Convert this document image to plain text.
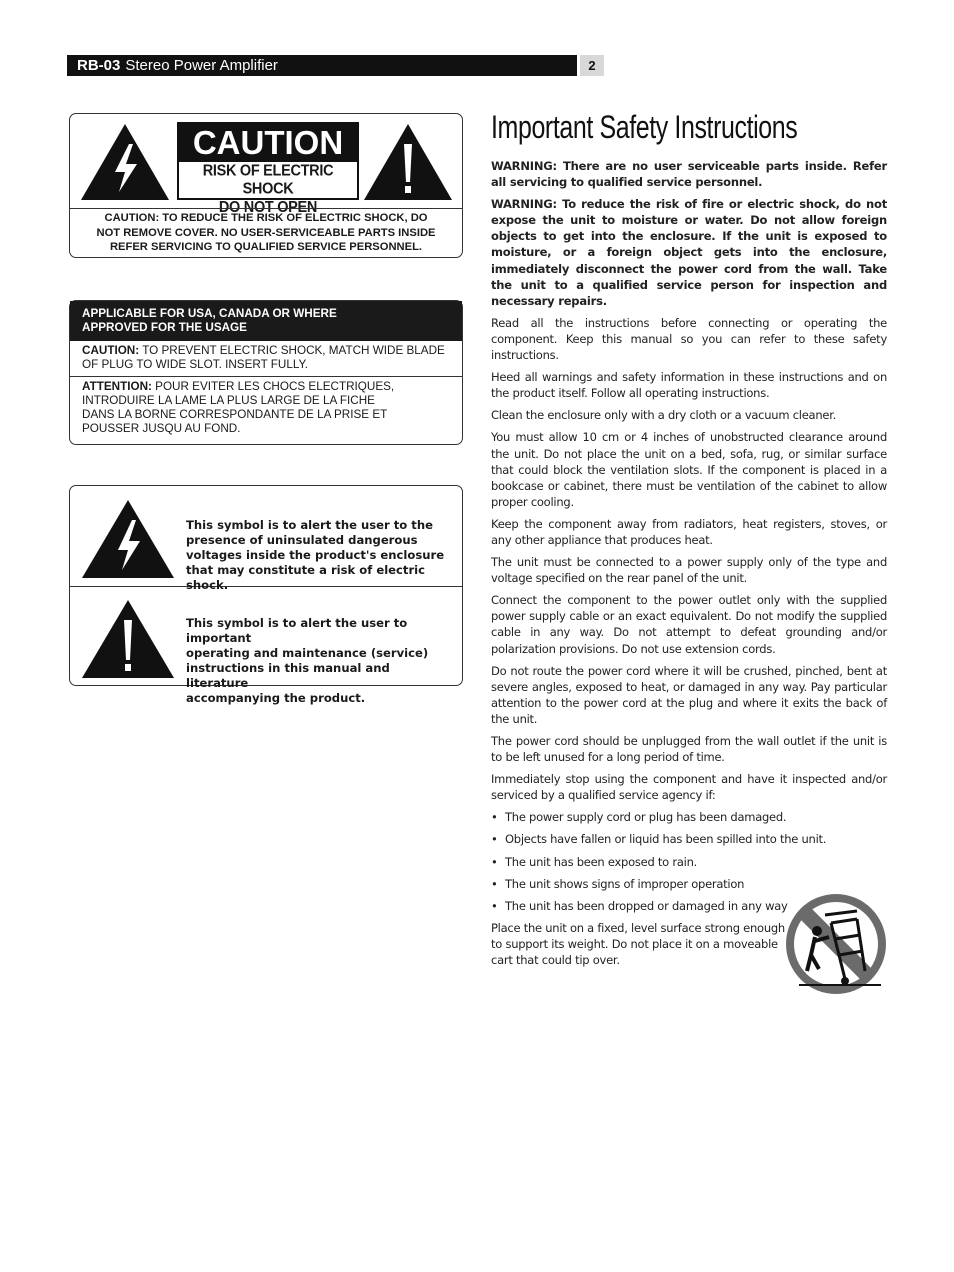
RB-03 Stereo Power Amplifier	2
CAUTION
RISK OF ELECTRIC SHOCK
DO NOT OPEN
CAUTION: TO REDUCE THE RISK OF ELECTRIC SHOCK, DO
NOT REMOVE COVER. NO USER-SERVICEABLE PARTS INSIDE
REFER SERVICING TO QUALIFIED SERVICE PERSONNEL.
APPLICABLE FOR USA, CANADA OR WHERE
APPROVED FOR THE USAGE
CAUTION: TO PREVENT ELECTRIC SHOCK, MATCH WIDE BLADE
OF PLUG TO WIDE SLOT. INSERT FULLY.
ATTENTION: POUR EVITER LES CHOCS ELECTRIQUES,
INTRODUIRE LA LAME LA PLUS LARGE DE LA FICHE
DANS LA BORNE CORRESPONDANTE DE LA PRISE ET
POUSSER JUSQU AU FOND.
This symbol is to alert the user to the
presence of uninsulated dangerous
voltages inside the product's enclosure
that may constitute a risk of electric shock.
This symbol is to alert the user to important
operating and maintenance (service)
instructions in this manual and literature
accompanying the product.
Important Safety Instructions

WARNING: There are no user serviceable parts inside. Refer all servicing to qualified service personnel.

WARNING: To reduce the risk of fire or electric shock, do not expose the unit to moisture or water. Do not allow foreign objects to get into the enclosure. If the unit is exposed to moisture, or a foreign object gets into the enclosure, immediately disconnect the power cord from the wall. Take the unit to a qualified service person for inspection and necessary repairs.

Read all the instructions before connecting or operating the component. Keep this manual so you can refer to these safety instructions.

Heed all warnings and safety information in these instructions and on the product itself. Follow all operating instructions.

Clean the enclosure only with a dry cloth or a vacuum cleaner.

You must allow 10 cm or 4 inches of unobstructed clearance around the unit. Do not place the unit on a bed, sofa, rug, or similar surface that could block the ventilation slots. If the component is placed in a bookcase or cabinet, there must be ventilation of the cabinet to allow proper cooling.

Keep the component away from radiators, heat registers, stoves, or any other appliance that produces heat.

The unit must be connected to a power supply only of the type and voltage specified on the rear panel of the unit.

Connect the component to the power outlet only with the supplied power supply cable or an exact equivalent. Do not modify the supplied cable in any way. Do not attempt to defeat grounding and/or polarization provisions. Do not use extension cords.

Do not route the power cord where it will be crushed, pinched, bent at severe angles, exposed to heat, or damaged in any way. Pay particular attention to the power cord at the plug and where it exits the back of the unit.

The power cord should be unplugged from the wall outlet if the unit is to be left unused for a long period of time.

Immediately stop using the component and have it inspected and/or serviced by a qualified service agency if:

• The power supply cord or plug has been damaged.
• Objects have fallen or liquid has been spilled into the unit.
• The unit has been exposed to rain.
• The unit shows signs of improper operation
• The unit has been dropped or damaged in any way

Place the unit on a fixed, level surface strong enough to support its weight. Do not place it on a moveable cart that could tip over.
